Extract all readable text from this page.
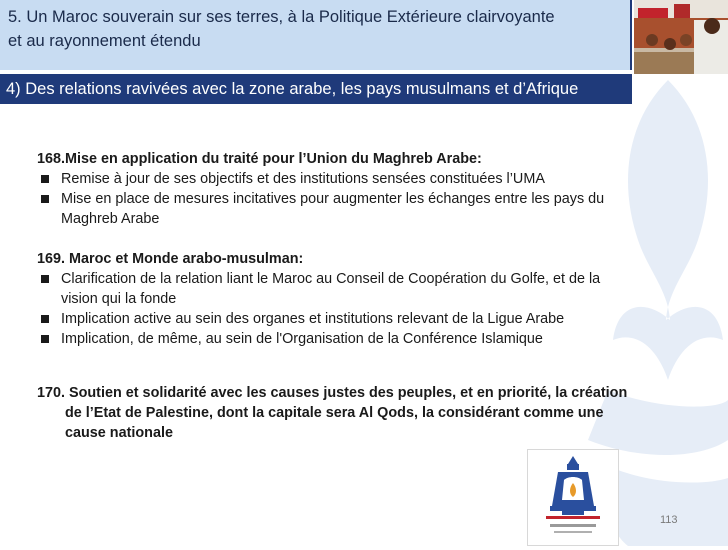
5. Un Maroc souverain sur ses terres, à la Politique Extérieure clairvoyante
et au rayonnement étendu
4) Des relations ravivées avec la zone arabe, les pays musulmans et d’Afrique

168.Mise en application du traité pour l’Union du Maghreb Arabe:

Remise à jour de ses objectifs et des institutions sensées constituées l’UMA
Mise en place de mesures incitatives pour augmenter les échanges entre les pays du
Maghreb Arabe

169. Maroc et Monde arabo-musulman:

Clarification de la relation liant le Maroc au Conseil de Coopération du Golfe, et de la
vision qui la fonde
Implication active au sein des organes et institutions relevant de la Ligue Arabe
Implication, de même, au sein de l'Organisation de la Conférence Islamique

170. Soutien et solidarité avec les causes justes des peuples, et en priorité, la création
de l’Etat de Palestine, dont la capitale sera Al Qods, la considérant comme une
cause nationale

113
